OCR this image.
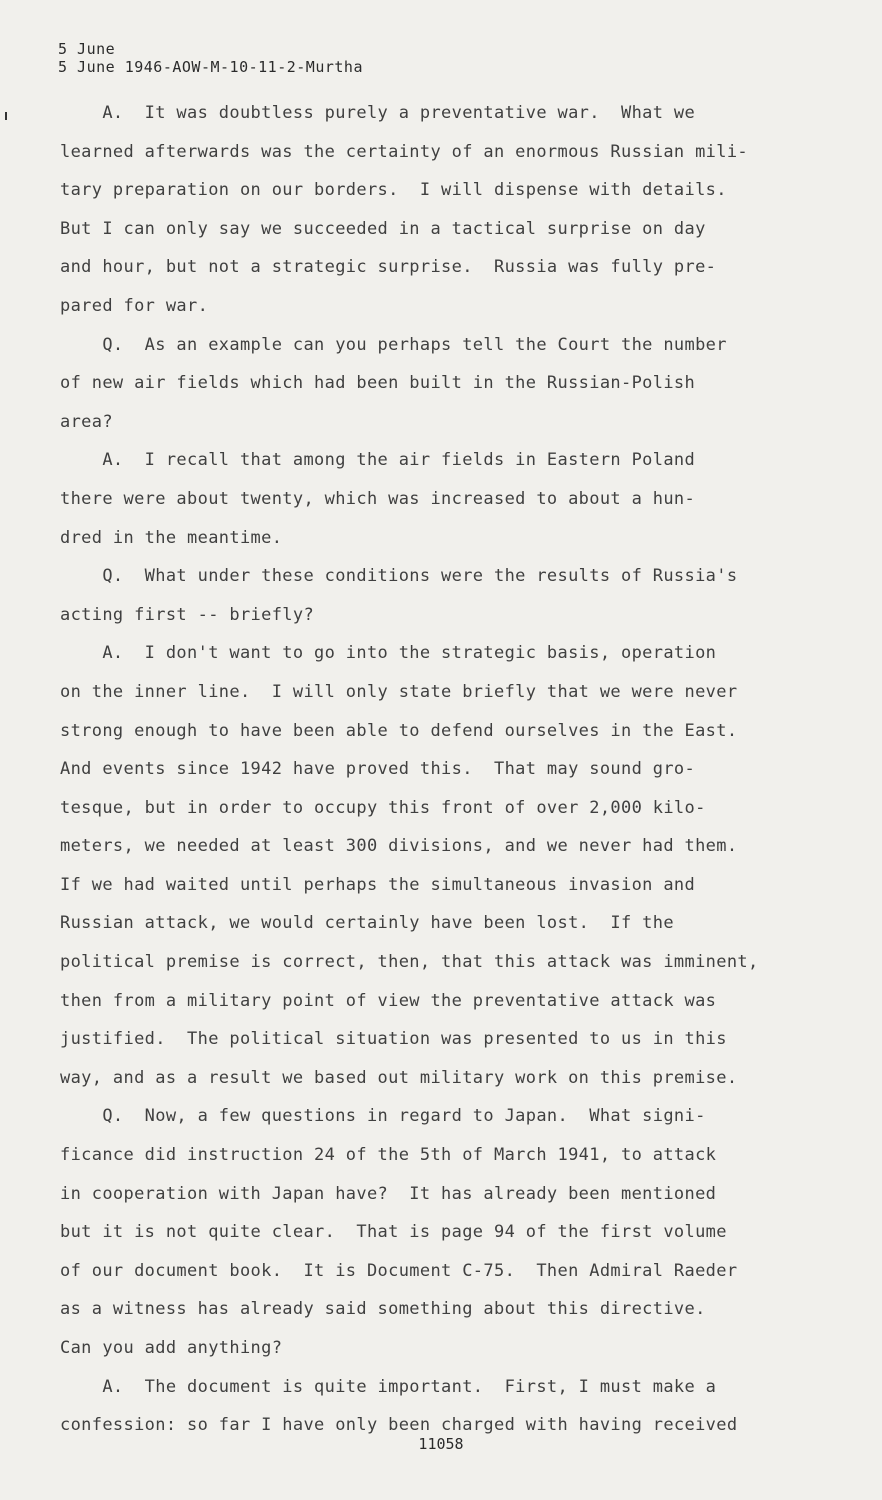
5 June
5 June 1946-AOW-M-10-11-2-Murtha
A.  It was doubtless purely a preventative war.  What we
learned afterwards was the certainty of an enormous Russian mili-
tary preparation on our borders.  I will dispense with details.
But I can only say we succeeded in a tactical surprise on day
and hour, but not a strategic surprise.  Russia was fully pre-
pared for war.
Q.  As an example can you perhaps tell the Court the number
of new air fields which had been built in the Russian-Polish
area?
A.  I recall that among the air fields in Eastern Poland
there were about twenty, which was increased to about a hun-
dred in the meantime.
Q.  What under these conditions were the results of Russia's
acting first -- briefly?
A.  I don't want to go into the strategic basis, operation
on the inner line.  I will only state briefly that we were never
strong enough to have been able to defend ourselves in the East.
And events since 1942 have proved this.  That may sound gro-
tesque, but in order to occupy this front of over 2,000 kilo-
meters, we needed at least 300 divisions, and we never had them.
If we had waited until perhaps the simultaneous invasion and
Russian attack, we would certainly have been lost.  If the
political premise is correct, then, that this attack was imminent,
then from a military point of view the preventative attack was
justified.  The political situation was presented to us in this
way, and as a result we based out military work on this premise.
Q.  Now, a few questions in regard to Japan.  What signi-
ficance did instruction 24 of the 5th of March 1941, to attack
in cooperation with Japan have?  It has already been mentioned
but it is not quite clear.  That is page 94 of the first volume
of our document book.  It is Document C-75.  Then Admiral Raeder
as a witness has already said something about this directive.
Can you add anything?
A.  The document is quite important.  First, I must make a
confession: so far I have only been charged with having received
11058
